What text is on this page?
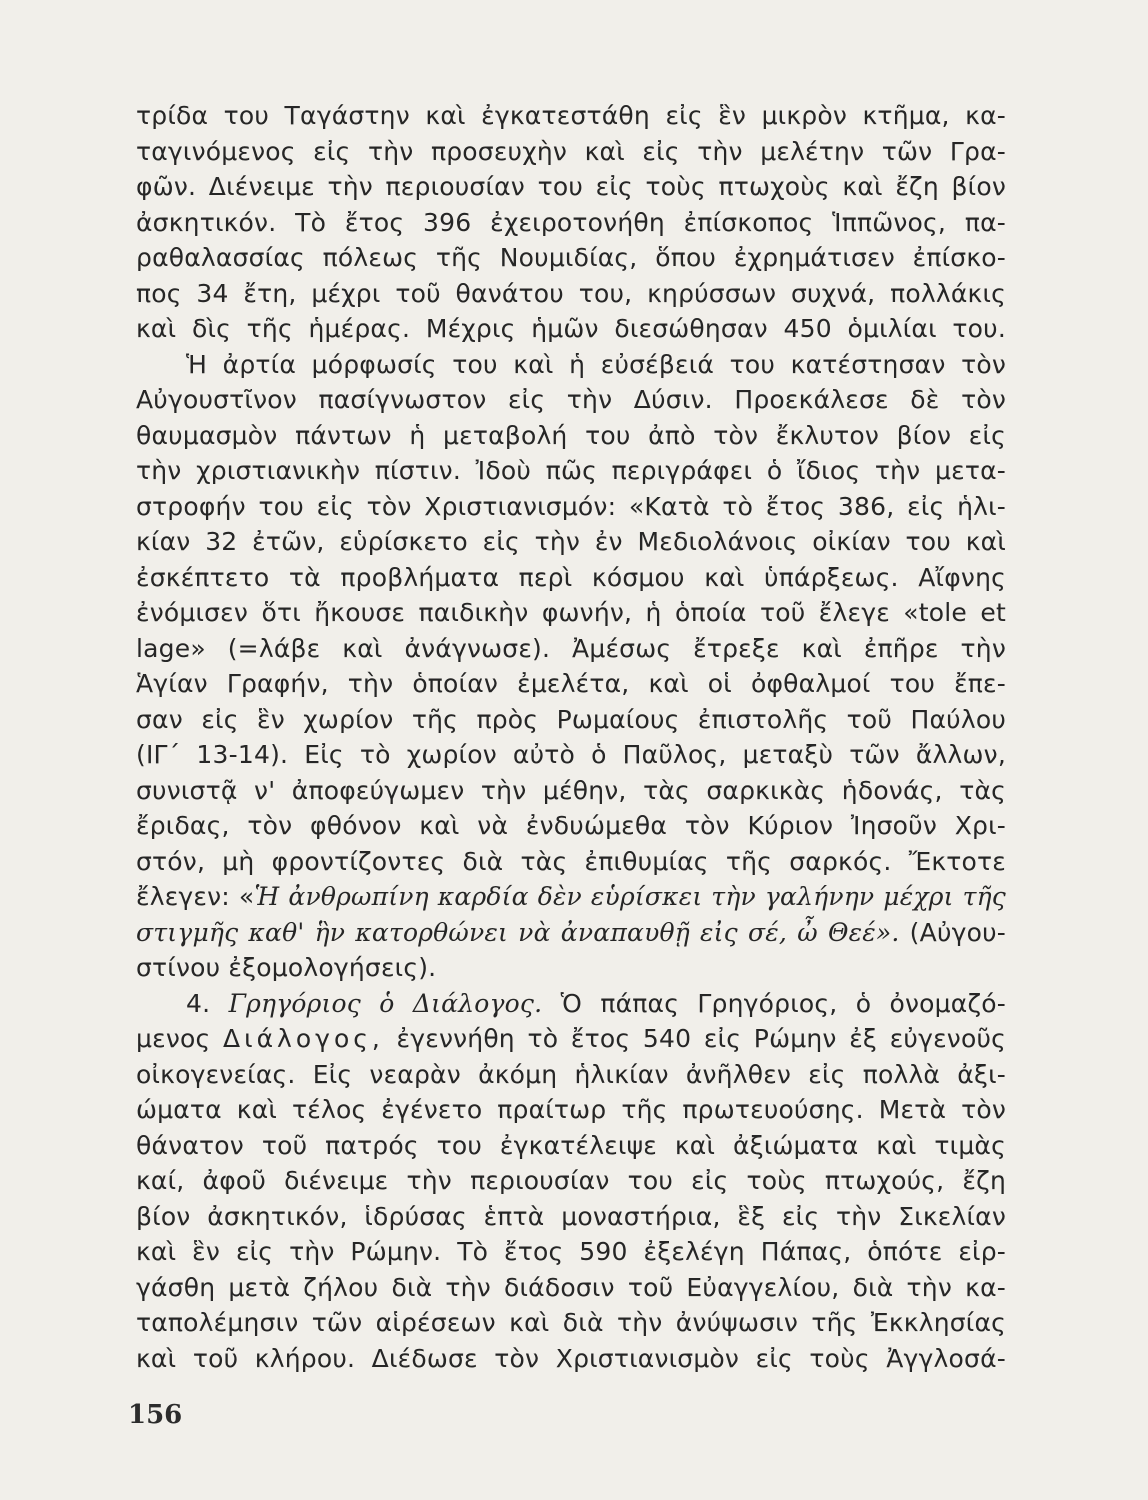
τρίδα του Ταγάστην καὶ ἐγκατεστάθη εἰς ἓν μικρὸν κτῆμα, κα-
ταγινόμενος εἰς τὴν προσευχὴν καὶ εἰς τὴν μελέτην τῶν Γρα-
φῶν. Διένειμε τὴν περιουσίαν του εἰς τοὺς πτωχοὺς καὶ ἔζη βίον
ἀσκητικόν. Τὸ ἔτος 396 ἐχειροτονήθη ἐπίσκοπος Ἱππῶνος, πα-
ραθαλασσίας πόλεως τῆς Νουμιδίας, ὅπου ἐχρημάτισεν ἐπίσκο-
πος 34 ἔτη, μέχρι τοῦ θανάτου του, κηρύσσων συχνά, πολλάκις
καὶ δὶς τῆς ἡμέρας. Μέχρις ἡμῶν διεσώθησαν 450 ὁμιλίαι του.
Ἡ ἀρτία μόρφωσίς του καὶ ἡ εὐσέβειά του κατέστησαν τὸν
Αὐγουστῖνον πασίγνωστον εἰς τὴν Δύσιν. Προεκάλεσε δὲ τὸν
θαυμασμὸν πάντων ἡ μεταβολή του ἀπὸ τὸν ἔκλυτον βίον εἰς
τὴν χριστιανικὴν πίστιν. Ἰδοὺ πῶς περιγράφει ὁ ἴδιος τὴν μετα-
στροφήν του εἰς τὸν Χριστιανισμόν: «Κατὰ τὸ ἔτος 386, εἰς ἡλι-
κίαν 32 ἐτῶν, εὑρίσκετο εἰς τὴν ἐν Μεδιολάνοις οἰκίαν του καὶ
ἐσκέπτετο τὰ προβλήματα περὶ κόσμου καὶ ὑπάρξεως. Αἴφνης
ἐνόμισεν ὅτι ἤκουσε παιδικὴν φωνήν, ἡ ὁποία τοῦ ἔλεγε «tole et
lage» (=λάβε καὶ ἀνάγνωσε). Ἀμέσως ἔτρεξε καὶ ἐπῆρε τὴν
Ἁγίαν Γραφήν, τὴν ὁποίαν ἐμελέτα, καὶ οἱ ὀφθαλμοί του ἔπε-
σαν εἰς ἓν χωρίον τῆς πρὸς Ρωμαίους ἐπιστολῆς τοῦ Παύλου
(ΙΓ΄ 13-14). Εἰς τὸ χωρίον αὐτὸ ὁ Παῦλος, μεταξὺ τῶν ἄλλων,
συνιστᾷ ν' ἀποφεύγωμεν τὴν μέθην, τὰς σαρκικὰς ἡδονάς, τὰς
ἔριδας, τὸν φθόνον καὶ νὰ ἐνδυώμεθα τὸν Κύριον Ἰησοῦν Χρι-
στόν, μὴ φροντίζοντες διὰ τὰς ἐπιθυμίας τῆς σαρκός. Ἔκτοτε
ἔλεγεν: «Ἡ ἀνθρωπίνη καρδία δὲν εὑρίσκει τὴν γαλήνην μέχρι τῆς
στιγμῆς καθ' ἣν κατορθώνει νὰ ἀναπαυθῇ εἰς σέ, ὦ Θεέ». (Αὐγου-
στίνου ἐξομολογήσεις).
4. Γρηγόριος ὁ Διάλογος. Ὁ πάπας Γρηγόριος, ὁ ὀνομαζό-
μενος Διάλογος, ἐγεννήθη τὸ ἔτος 540 εἰς Ρώμην ἐξ εὐγενοῦς
οἰκογενείας. Εἰς νεαρὰν ἀκόμη ἡλικίαν ἀνῆλθεν εἰς πολλὰ ἀξι-
ώματα καὶ τέλος ἐγένετο πραίτωρ τῆς πρωτευούσης. Μετὰ τὸν
θάνατον τοῦ πατρός του ἐγκατέλειψε καὶ ἀξιώματα καὶ τιμὰς
καί, ἀφοῦ διένειμε τὴν περιουσίαν του εἰς τοὺς πτωχούς, ἔζη
βίον ἀσκητικόν, ἱδρύσας ἑπτὰ μοναστήρια, ἓξ εἰς τὴν Σικελίαν
καὶ ἓν εἰς τὴν Ρώμην. Τὸ ἔτος 590 ἐξελέγη Πάπας, ὁπότε εἰρ-
γάσθη μετὰ ζήλου διὰ τὴν διάδοσιν τοῦ Εὐαγγελίου, διὰ τὴν κα-
ταπολέμησιν τῶν αἱρέσεων καὶ διὰ τὴν ἀνύψωσιν τῆς Ἐκκλησίας
καὶ τοῦ κλήρου. Διέδωσε τὸν Χριστιανισμὸν εἰς τοὺς Ἀγγλοσά-
156
